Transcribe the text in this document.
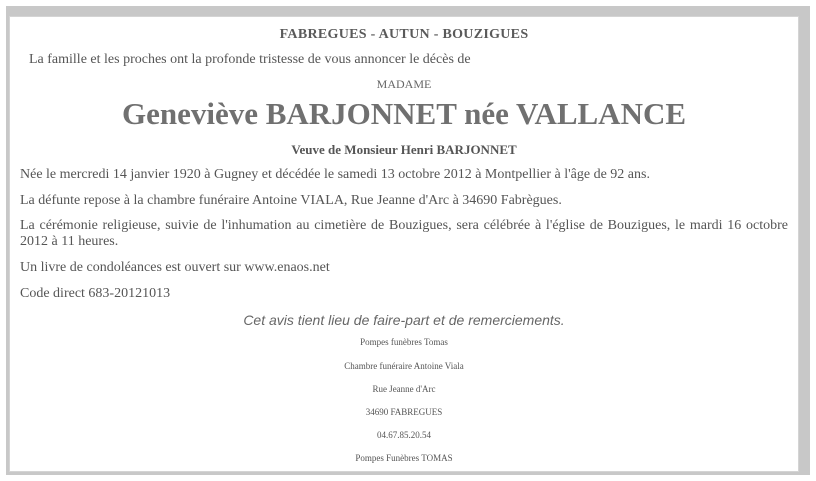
FABREGUES - AUTUN - BOUZIGUES
La famille et les proches ont la profonde tristesse de vous annoncer le décès de
MADAME
Geneviève BARJONNET née VALLANCE
Veuve de Monsieur Henri BARJONNET
Née le mercredi 14 janvier 1920 à Gugney et décédée le samedi 13 octobre 2012 à Montpellier à l'âge de 92 ans.
La défunte repose à la chambre funéraire Antoine VIALA, Rue Jeanne d'Arc à 34690 Fabrègues.
La cérémonie religieuse, suivie de l'inhumation au cimetière de Bouzigues, sera célébrée à l'église de Bouzigues, le mardi 16 octobre 2012 à 11 heures.
Un livre de condoléances est ouvert sur www.enaos.net
Code direct 683-20121013
Cet avis tient lieu de faire-part et de remerciements.
Pompes funèbres Tomas
Chambre funéraire Antoine Viala
Rue Jeanne d'Arc
34690 FABREGUES
04.67.85.20.54
Pompes Funèbres TOMAS
